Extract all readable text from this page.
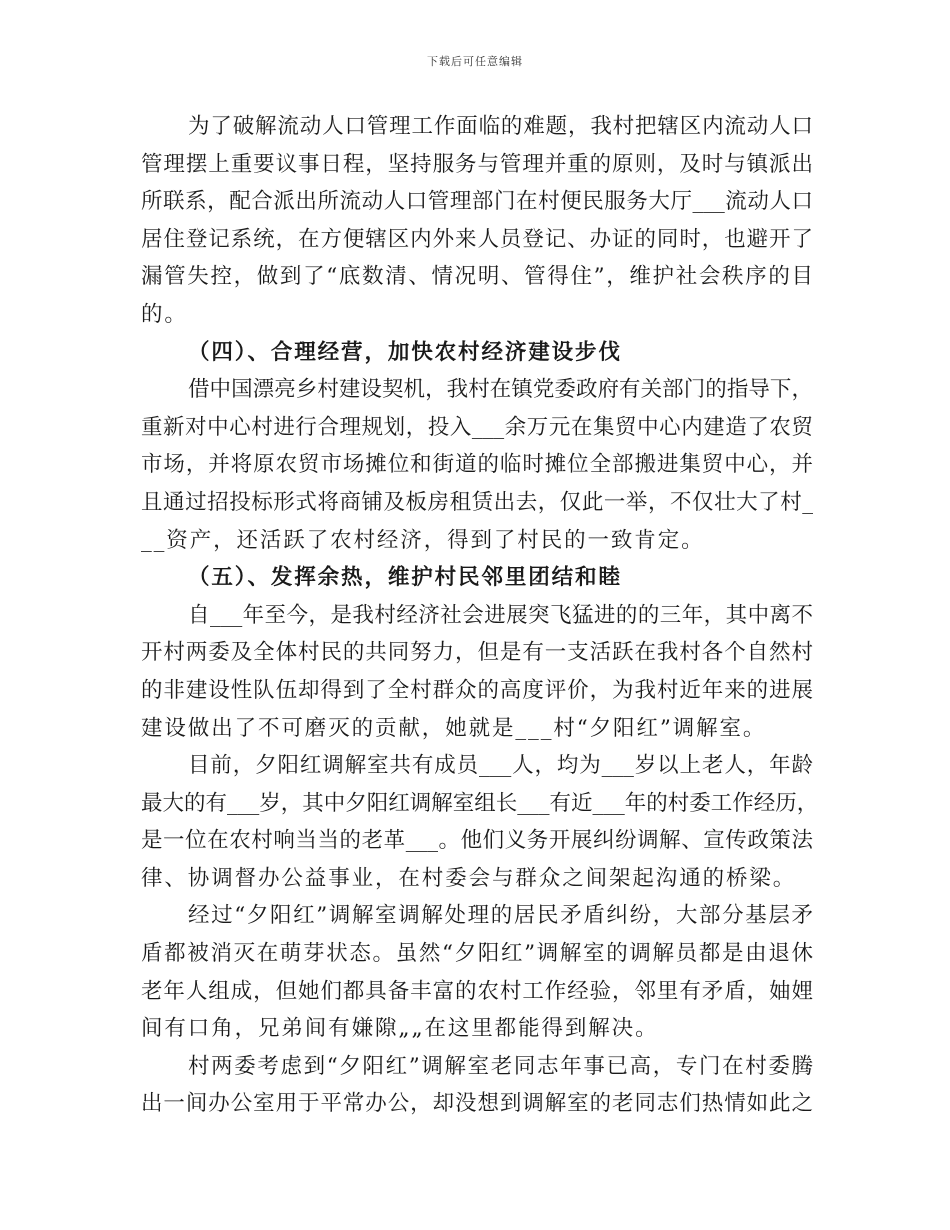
下载后可任意编辑
为了破解流动人口管理工作面临的难题，我村把辖区内流动人口
管理摆上重要议事日程，坚持服务与管理并重的原则，及时与镇派出
所联系，配合派出所流动人口管理部门在村便民服务大厅___流动人口
居住登记系统，在方便辖区内外来人员登记、办证的同时，也避开了
漏管失控，做到了“底数清、情况明、管得住”，维护社会秩序的目
的。
（四）、合理经营，加快农村经济建设步伐
借中国漂亮乡村建设契机，我村在镇党委政府有关部门的指导下，
重新对中心村进行合理规划，投入___余万元在集贸中心内建造了农贸
市场，并将原农贸市场摊位和街道的临时摊位全部搬进集贸中心，并
且通过招投标形式将商铺及板房租赁出去，仅此一举，不仅壮大了村_
__资产，还活跃了农村经济，得到了村民的一致肯定。
（五）、发挥余热，维护村民邻里团结和睦
自___年至今，是我村经济社会进展突飞猛进的的三年，其中离不
开村两委及全体村民的共同努力，但是有一支活跃在我村各个自然村
的非建设性队伍却得到了全村群众的高度评价，为我村近年来的进展
建设做出了不可磨灭的贡献，她就是___村“夕阳红”调解室。
目前，夕阳红调解室共有成员___人，均为___岁以上老人，年龄
最大的有___岁，其中夕阳红调解室组长___有近___年的村委工作经历，
是一位在农村响当当的老革___。他们义务开展纠纷调解、宣传政策法
律、协调督办公益事业，在村委会与群众之间架起沟通的桥梁。
经过“夕阳红”调解室调解处理的居民矛盾纠纷，大部分基层矛
盾都被消灭在萌芽状态。虽然“夕阳红”调解室的调解员都是由退休
老年人组成，但她们都具备丰富的农村工作经验，邻里有矛盾，妯娌
间有口角，兄弟间有嫌隙„„在这里都能得到解决。
村两委考虑到“夕阳红”调解室老同志年事已高，专门在村委腾
出一间办公室用于平常办公，却没想到调解室的老同志们热情如此之
